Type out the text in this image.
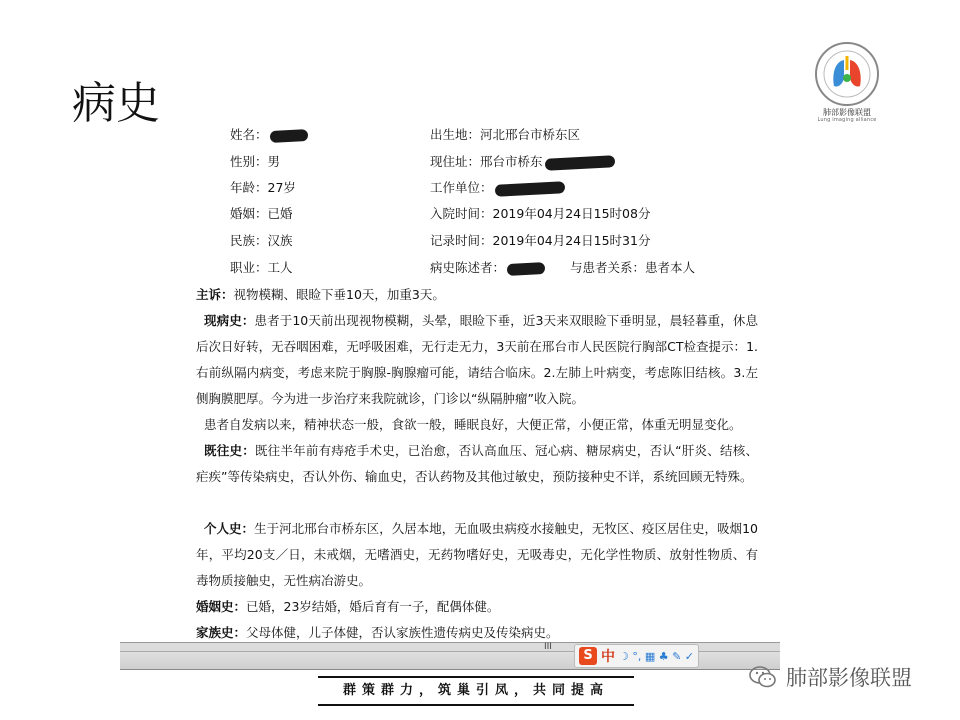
病史	肺部影像联盟
Lung imaging alliance
姓名：
性别：男
年龄：27岁
婚姻：已婚
民族：汉族
职业：工人
出生地：河北邢台市桥东区
现住址：邢台市桥东
工作单位：
入院时间：2019年04月24日15时08分
记录时间：2019年04月24日15时31分
病史陈述者：	与患者关系：患者本人
主诉：视物模糊、眼睑下垂10天，加重3天。
现病史：患者于10天前出现视物模糊，头晕，眼睑下垂，近3天来双眼睑下垂明显，晨轻暮重，休息后次日好转，无吞咽困难，无呼吸困难，无行走无力，3天前在邢台市人民医院行胸部CT检查提示：1.右前纵隔内病变，考虑来院于胸腺-胸腺瘤可能，请结合临床。2.左肺上叶病变，考虑陈旧结核。3.左侧胸膜肥厚。今为进一步治疗来我院就诊，门诊以“纵隔肿瘤”收入院。
患者自发病以来，精神状态一般，食欲一般，睡眠良好，大便正常，小便正常，体重无明显变化。
既往史：既往半年前有痔疮手术史，已治愈，否认高血压、冠心病、糖尿病史，否认“肝炎、结核、疟疾”等传染病史，否认外伤、输血史，否认药物及其他过敏史，预防接种史不详，系统回顾无特殊。
个人史：生于河北邢台市桥东区，久居本地，无血吸虫病疫水接触史，无牧区、疫区居住史，吸烟10年，平均20支／日，未戒烟，无嗜酒史，无药物嗜好史，无吸毒史，无化学性物质、放射性物质、有毒物质接触史，无性病冶游史。
婚姻史：已婚，23岁结婚，婚后育有一子，配偶体健。
家族史：父母体健，儿子体健，否认家族性遗传病史及传染病史。
III
S 中 ☽ °, ▦ ♣ ✎ ✓
群策群力，筑巢引凤，共同提高
肺部影像联盟
